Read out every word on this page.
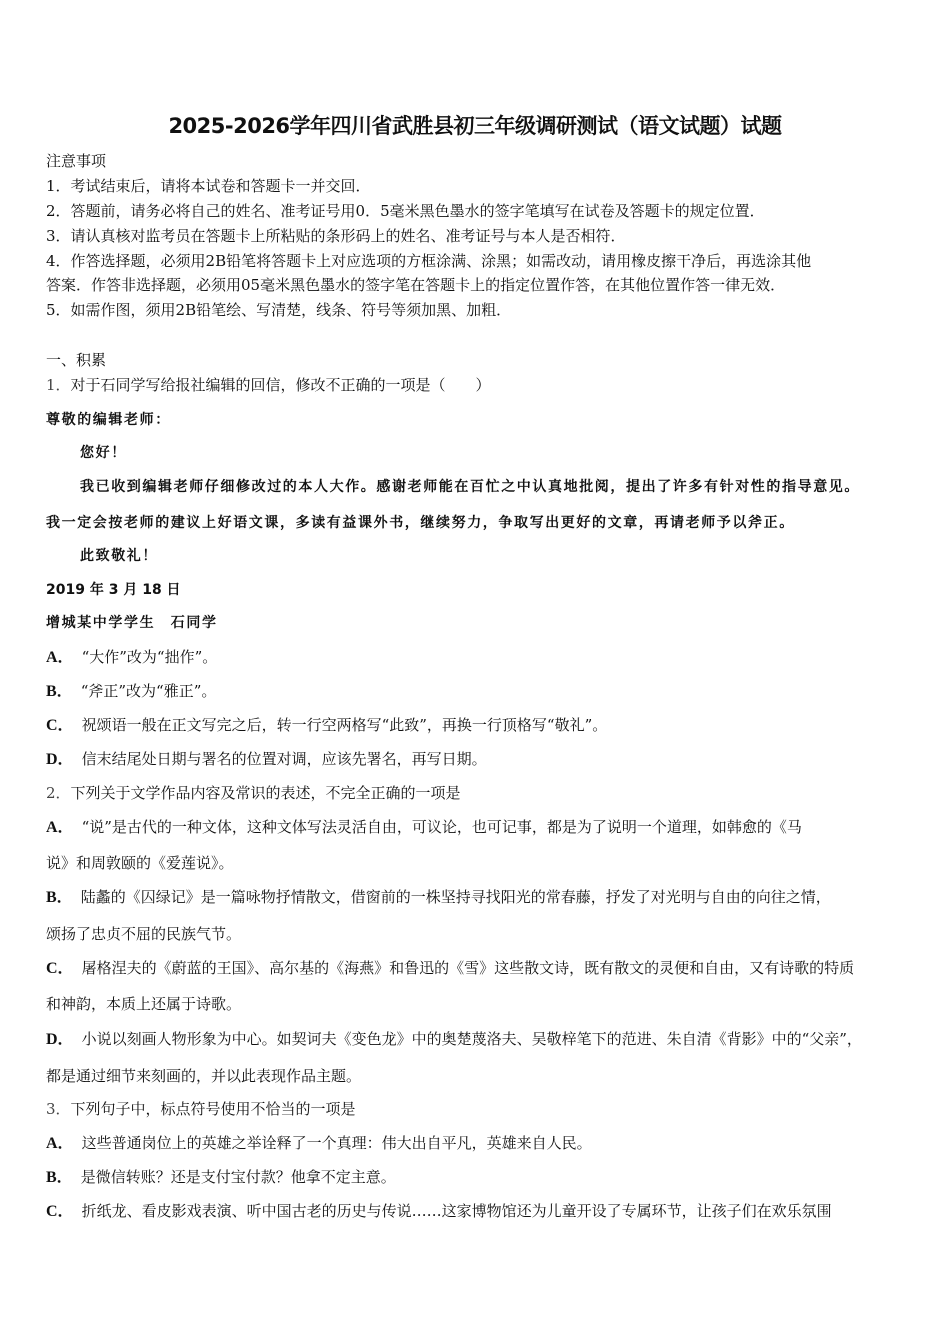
2025-2026学年四川省武胜县初三年级调研测试（语文试题）试题
注意事项
1．考试结束后，请将本试卷和答题卡一并交回．
2．答题前，请务必将自己的姓名、准考证号用0．5毫米黑色墨水的签字笔填写在试卷及答题卡的规定位置．
3．请认真核对监考员在答题卡上所粘贴的条形码上的姓名、准考证号与本人是否相符．
4．作答选择题，必须用2B铅笔将答题卡上对应选项的方框涂满、涂黑；如需改动，请用橡皮擦干净后，再选涂其他
答案．作答非选择题，必须用05毫米黑色墨水的签字笔在答题卡上的指定位置作答，在其他位置作答一律无效．
5．如需作图，须用2B铅笔绘、写清楚，线条、符号等须加黑、加粗．
一、积累
1．对于石同学写给报社编辑的回信，修改不正确的一项是（　　）
尊敬的编辑老师：
您好！
我已收到编辑老师仔细修改过的本人大作。感谢老师能在百忙之中认真地批阅，提出了许多有针对性的指导意见。
我一定会按老师的建议上好语文课，多读有益课外书，继续努力，争取写出更好的文章，再请老师予以斧正。
此致敬礼！
2019 年 3 月 18 日
增城某中学学生　石同学
A． “大作”改为“拙作”。
B． “斧正”改为“雅正”。
C． 祝颂语一般在正文写完之后，转一行空两格写“此致”，再换一行顶格写“敬礼”。
D． 信末结尾处日期与署名的位置对调，应该先署名，再写日期。
2．下列关于文学作品内容及常识的表述，不完全正确的一项是
A． “说”是古代的一种文体，这种文体写法灵活自由，可议论，也可记事，都是为了说明一个道理，如韩愈的《马
说》和周敦颐的《爱莲说》。
B． 陆蠡的《囚绿记》是一篇咏物抒情散文，借窗前的一株坚持寻找阳光的常春藤，抒发了对光明与自由的向往之情，
颂扬了忠贞不屈的民族气节。
C． 屠格涅夫的《蔚蓝的王国》、高尔基的《海燕》和鲁迅的《雪》这些散文诗，既有散文的灵便和自由，又有诗歌的特质
和神韵，本质上还属于诗歌。
D． 小说以刻画人物形象为中心。如契诃夫《变色龙》中的奥楚蔑洛夫、吴敬梓笔下的范进、朱自清《背影》中的“父亲”，
都是通过细节来刻画的，并以此表现作品主题。
3．下列句子中，标点符号使用不恰当的一项是
A． 这些普通岗位上的英雄之举诠释了一个真理：伟大出自平凡，英雄来自人民。
B． 是微信转账？还是支付宝付款？他拿不定主意。
C． 折纸龙、看皮影戏表演、听中国古老的历史与传说……这家博物馆还为儿童开设了专属环节，让孩子们在欢乐氛围
